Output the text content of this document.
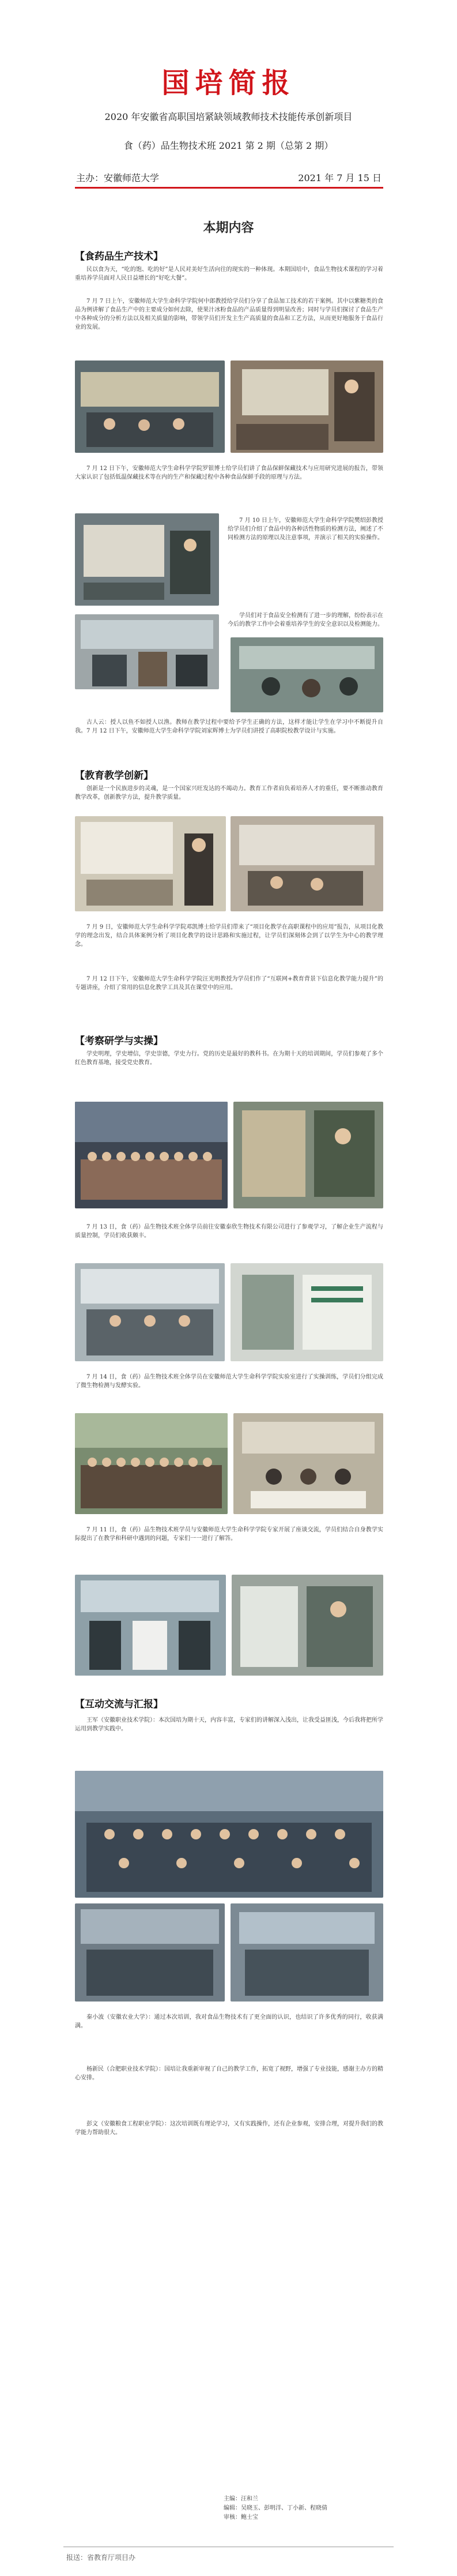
国培简报
2020 年安徽省高职国培紧缺领域教师技术技能传承创新项目
食（药）品生物技术班 2021 第 2 期（总第 2 期）
主办：安徽师范大学	2021 年 7 月 15 日
本期内容
【食药品生产技术】
民以食为天，“吃的饱、吃的好”是人民对美好生活向往的现实的一种体现。本期国培中，食品生物技术课程的学习着重培养学员面对人民日益增长的“好吃大餐”。
7 月 7 日上午，安徽师范大学生命科学学院何中郎教授给学员们分享了食品加工技术的若干案例。其中以紫糖类的食品为例讲解了食品生产中的主要成分如何去除，使果汁冰粉食品的产品质量得到明显改善；同时与学员们探讨了食品生产中各种成分的分析方法以及相关质量的影响，带领学员们开发主生产高质量的食品和工艺方法，从而更好地服务于食品行业的发展。
7 月 12 日下午，安徽师范大学生命科学学院罗银博士给学员们讲了食品保鲜保藏技术与应用研究进展的报告，带领大家认识了包括低温保藏技术等在内的生产和保藏过程中各种食品保鲜手段的原理与方法。
7 月 10 日上午，安徽师范大学生命科学学院樊绍彭教授给学员们介绍了食品中的各种活性物质的检测方法，阐述了不同检测方法的原理以及注意事项，并演示了相关的实验操作。
学员们对于食品安全检测有了进一步的理解，纷纷表示在今后的教学工作中会着重培养学生的安全意识以及检测能力。
古人云：授人以鱼不如授人以渔。教师在教学过程中要给予学生正确的方法，这样才能让学生在学习中不断提升自我。7 月 12 日下午，安徽师范大学生命科学学院刘家辉博士为学员们讲授了高职院校教学设计与实施。
【教育教学创新】
创新是一个民族进步的灵魂，是一个国家兴旺发达的不竭动力。教育工作者肩负着培养人才的重任，要不断推动教育教学改革，创新教学方法，提升教学质量。
7 月 9 日，安徽师范大学生命科学学院邓凯博士给学员们带来了“项目化教学在高职课程中的应用”报告，从项目化教学的理念出发，结合具体案例分析了项目化教学的设计思路和实施过程，让学员们深刻体会到了以学生为中心的教学理念。
7 月 12 日下午，安徽师范大学生命科学学院汪光明教授为学员们作了“互联网+教育背景下信息化教学能力提升”的专题讲座，介绍了常用的信息化教学工具及其在课堂中的应用。
【考察研学与实操】
学史明理，学史增信，学史崇德，学史力行。党的历史是最好的教科书。在为期十天的培训期间，学员们参观了多个红色教育基地，接受党史教育。
7 月 13 日，食（药）品生物技术班全体学员前往安徽泰欣生物技术有限公司进行了参观学习，了解企业生产流程与质量控制，学员们收获颇丰。
7 月 14 日，食（药）品生物技术班全体学员在安徽师范大学生命科学学院实验室进行了实操训练，学员们分组完成了微生物检测与发酵实验。
7 月 11 日，食（药）品生物技术班学员与安徽师范大学生命科学学院专家开展了座谈交流，学员们结合自身教学实际提出了在教学和科研中遇到的问题，专家们一一进行了解答。
【互动交流与汇报】
王军（安徽职业技术学院）：本次国培为期十天，内容丰富，专家们的讲解深入浅出，让我受益匪浅，今后我将把所学运用到教学实践中。
秦小波（安徽农业大学）：通过本次培训，我对食品生物技术有了更全面的认识，也结识了许多优秀的同行，收获满满。
杨新民（合肥职业技术学院）：国培让我重新审视了自己的教学工作，拓宽了视野，增强了专业技能，感谢主办方的精心安排。
彭文（安徽粮食工程职业学院）：这次培训既有理论学习，又有实践操作，还有企业参观，安排合理，对提升我们的教学能力帮助很大。
主编：汪和兰
编辑：吴晓玉、彭明洋、丁小新、程晓倩
审核：鲍士宝
报送：省教育厅项目办
